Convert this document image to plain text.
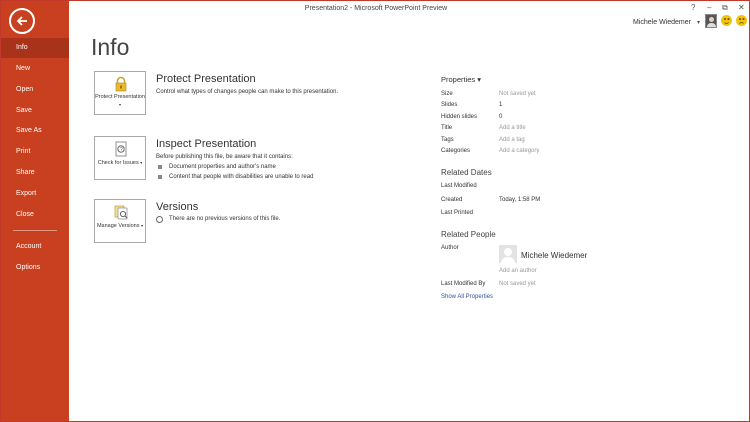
Info
New
Open
Save
Save As
Print
Share
Export
Close
Account
Options
Presentation2 - Microsoft PowerPoint Preview	? – ⧉ ✕
Michele Wiedemer ▾
Info
Protect Presentation ▾
Protect Presentation
Control what types of changes people can make to this presentation.
?
Check for Issues ▾
Inspect Presentation
Before publishing this file, be aware that it contains:
Document properties and author's name
Content that people with disabilities are unable to read
Manage Versions ▾
Versions
There are no previous versions of this file.
Properties ▾
Size	Not saved yet
Slides	1
Hidden slides	0
Title	Add a title
Tags	Add a tag
Categories	Add a category
Related Dates
Last Modified
Created	Today, 1:58 PM
Last Printed
Related People
Author
Michele Wiedemer
Add an author
Last Modified By Not saved yet
Show All Properties
